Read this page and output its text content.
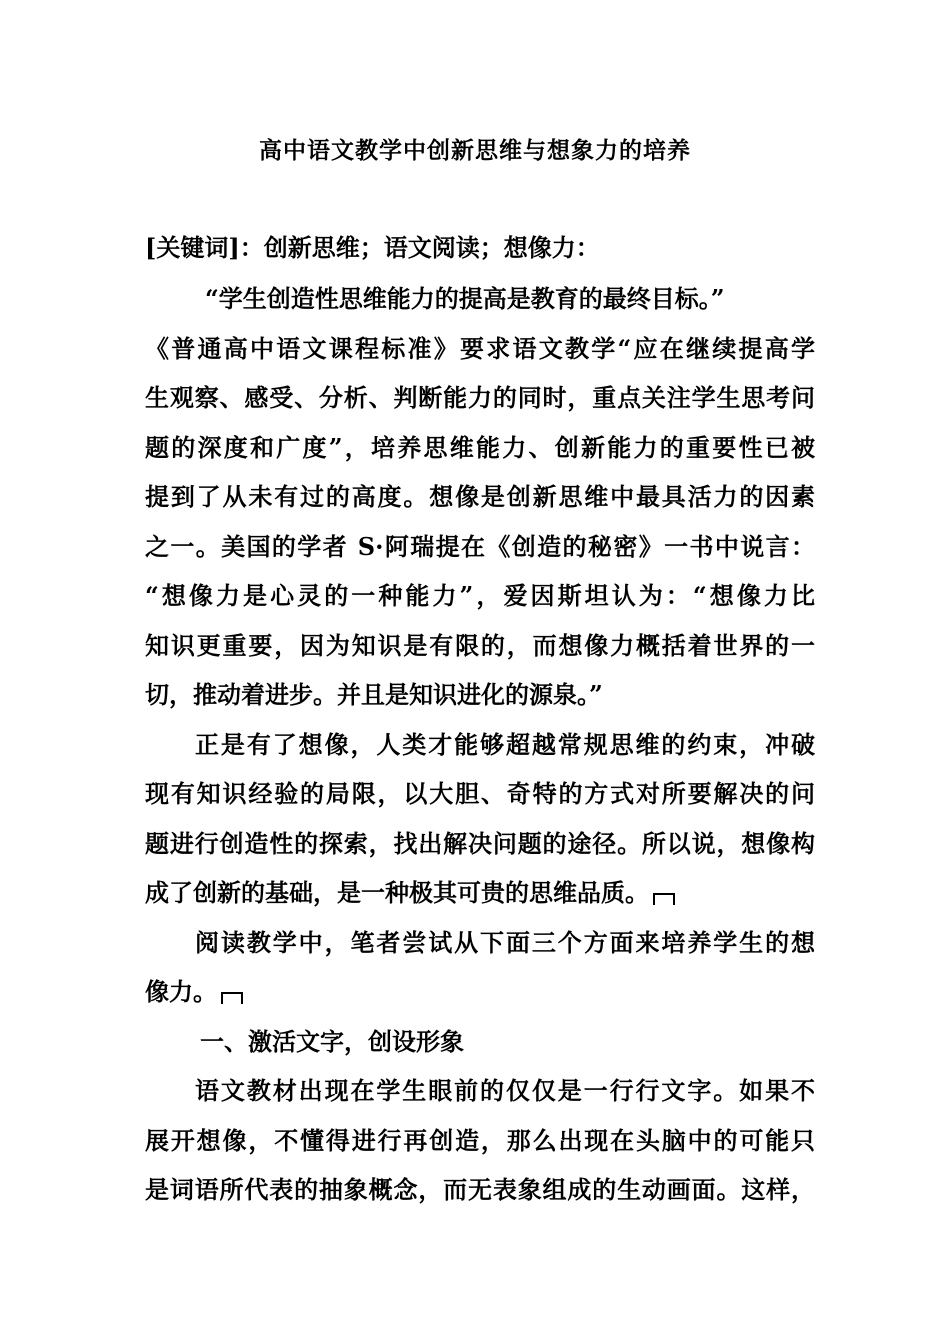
高中语文教学中创新思维与想象力的培养
[关键词]：创新思维；语文阅读；想像力：
“学生创造性思维能力的提高是教育的最终目标。”
《普通高中语文课程标准》要求语文教学“应在继续提高学
生观察、感受、分析、判断能力的同时，重点关注学生思考问
题的深度和广度”，培养思维能力、创新能力的重要性已被
提到了从未有过的高度。想像是创新思维中最具活力的因素
之一。美国的学者 S·阿瑞提在《创造的秘密》一书中说言：
“想像力是心灵的一种能力”，爱因斯坦认为：“想像力比
知识更重要，因为知识是有限的，而想像力概括着世界的一
切，推动着进步。并且是知识进化的源泉。”
正是有了想像，人类才能够超越常规思维的约束，冲破
现有知识经验的局限，以大胆、奇特的方式对所要解决的问
题进行创造性的探索，找出解决问题的途径。所以说，想像构
成了创新的基础，是一种极其可贵的思维品质。
阅读教学中，笔者尝试从下面三个方面来培养学生的想
像力。
一、激活文字，创设形象
语文教材出现在学生眼前的仅仅是一行行文字。如果不
展开想像，不懂得进行再创造，那么出现在头脑中的可能只
是词语所代表的抽象概念，而无表象组成的生动画面。这样，
